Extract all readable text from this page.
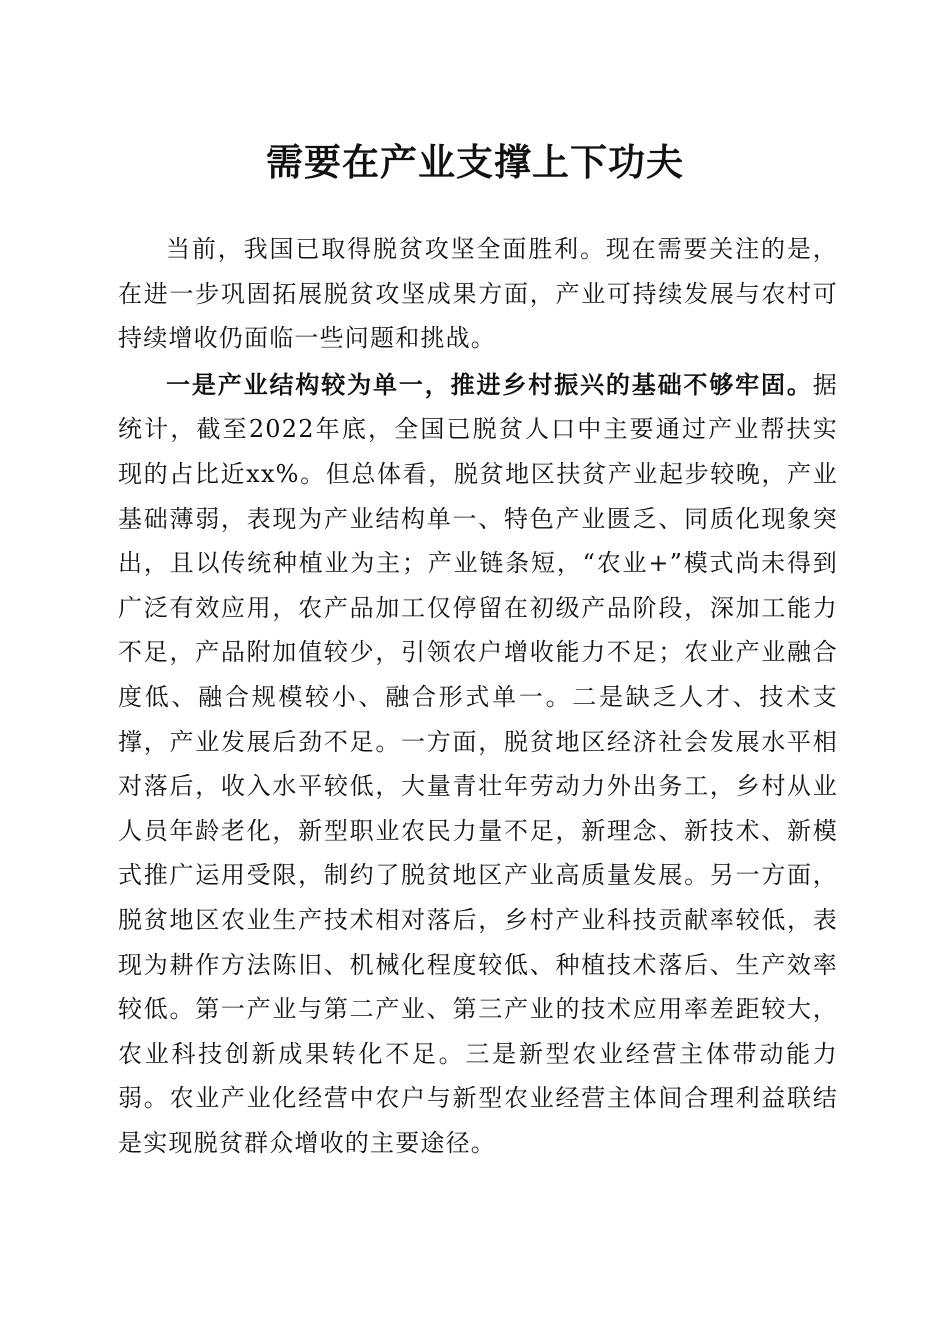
需要在产业支撑上下功夫

当前，我国已取得脱贫攻坚全面胜利。现在需要关注的是，在进一步巩固拓展脱贫攻坚成果方面，产业可持续发展与农村可持续增收仍面临一些问题和挑战。

一是产业结构较为单一，推进乡村振兴的基础不够牢固。据统计，截至2022年底，全国已脱贫人口中主要通过产业帮扶实现的占比近xx%。但总体看，脱贫地区扶贫产业起步较晚，产业基础薄弱，表现为产业结构单一、特色产业匮乏、同质化现象突出，且以传统种植业为主；产业链条短，“农业+”模式尚未得到广泛有效应用，农产品加工仅停留在初级产品阶段，深加工能力不足，产品附加值较少，引领农户增收能力不足；农业产业融合度低、融合规模较小、融合形式单一。二是缺乏人才、技术支撑，产业发展后劲不足。一方面，脱贫地区经济社会发展水平相对落后，收入水平较低，大量青壮年劳动力外出务工，乡村从业人员年龄老化，新型职业农民力量不足，新理念、新技术、新模式推广运用受限，制约了脱贫地区产业高质量发展。另一方面，脱贫地区农业生产技术相对落后，乡村产业科技贡献率较低，表现为耕作方法陈旧、机械化程度较低、种植技术落后、生产效率较低。第一产业与第二产业、第三产业的技术应用率差距较大，农业科技创新成果转化不足。三是新型农业经营主体带动能力弱。农业产业化经营中农户与新型农业经营主体间合理利益联结是实现脱贫群众增收的主要途径。
